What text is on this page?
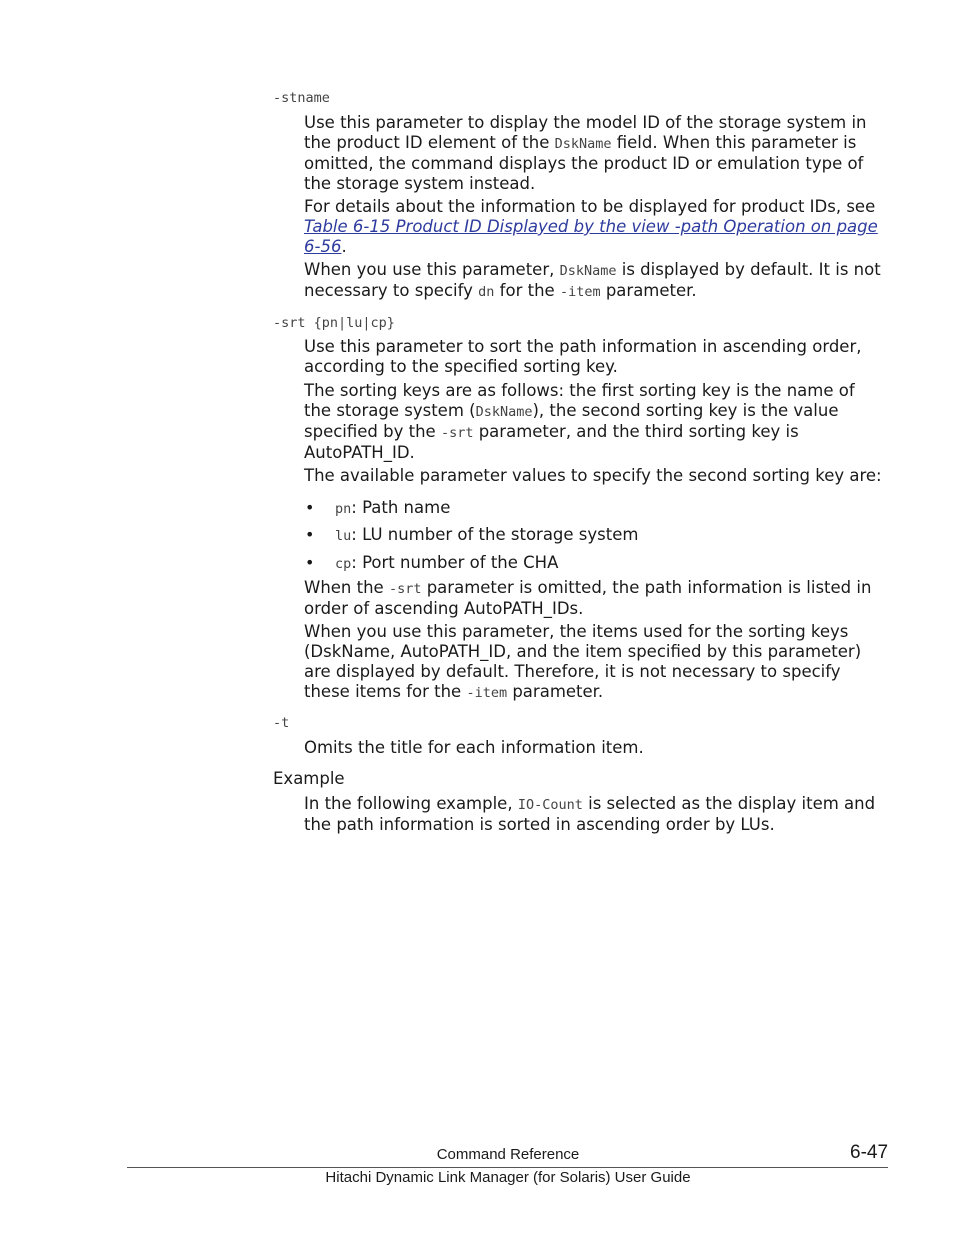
-stname

Use this parameter to display the model ID of the storage system in the product ID element of the DskName field. When this parameter is omitted, the command displays the product ID or emulation type of the storage system instead.

For details about the information to be displayed for product IDs, see Table 6-15 Product ID Displayed by the view -path Operation on page 6-56.

When you use this parameter, DskName is displayed by default. It is not necessary to specify dn for the -item parameter.

-srt {pn|lu|cp}

Use this parameter to sort the path information in ascending order, according to the specified sorting key.

The sorting keys are as follows: the first sorting key is the name of the storage system (DskName), the second sorting key is the value specified by the -srt parameter, and the third sorting key is AutoPATH_ID.

The available parameter values to specify the second sorting key are:

• pn: Path name

• lu: LU number of the storage system

• cp: Port number of the CHA

When the -srt parameter is omitted, the path information is listed in order of ascending AutoPATH_IDs.

When you use this parameter, the items used for the sorting keys (DskName, AutoPATH_ID, and the item specified by this parameter) are displayed by default. Therefore, it is not necessary to specify these items for the -item parameter.

-t

Omits the title for each information item.

Example

In the following example, IO-Count is selected as the display item and the path information is sorted in ascending order by LUs.

Command Reference	6-47
Hitachi Dynamic Link Manager (for Solaris) User Guide
